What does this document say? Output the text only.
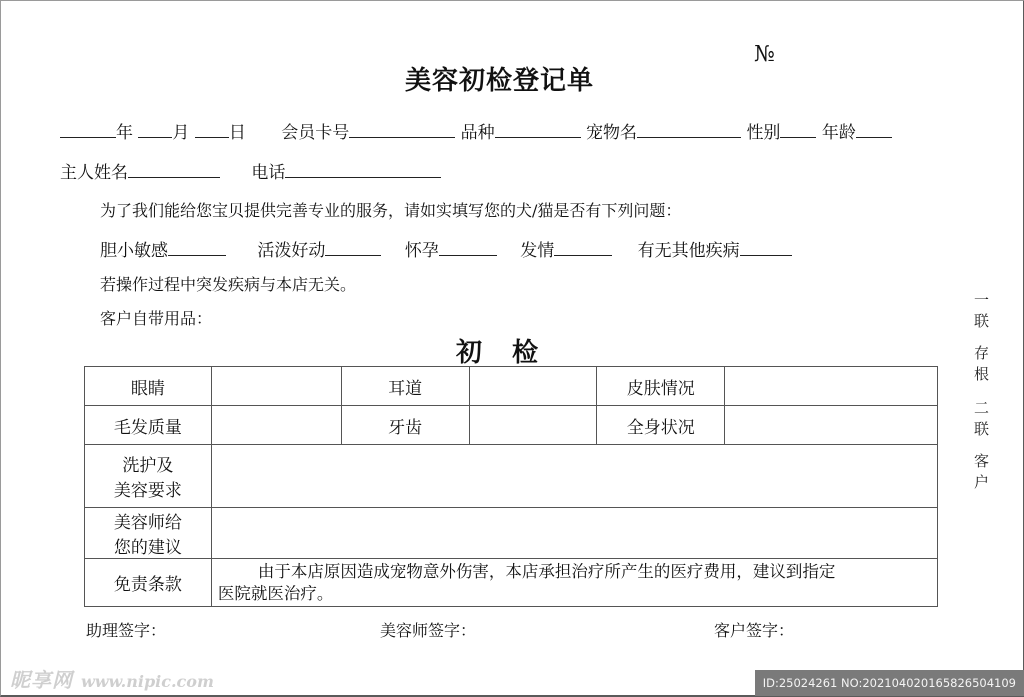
美容初检登记单
№
年 月 日 会员卡号	品种	宠物名	性别 年龄
主人姓名	电话
为了我们能给您宝贝提供完善专业的服务，请如实填写您的犬/猫是否有下列问题：
胆小敏感	活泼好动	怀孕	发情	有无其他疾病
若操作过程中突发疾病与本店无关。
客户自带用品：
初检
眼睛		耳道		皮肤情况	
毛发质量		牙齿		全身状况	

洗护及
美容要求					

美容师给
您的建议					

免责条款	由于本店原因造成宠物意外伤害，本店承担治疗所产生的医疗费用，建议到指定
医院就医治疗。				
助理签字：	美容师签字：	客户签字：
一联 存根
二联 客户
昵享网 www.nipic.com	ID:25024261 NO:20210402016582650410​9
